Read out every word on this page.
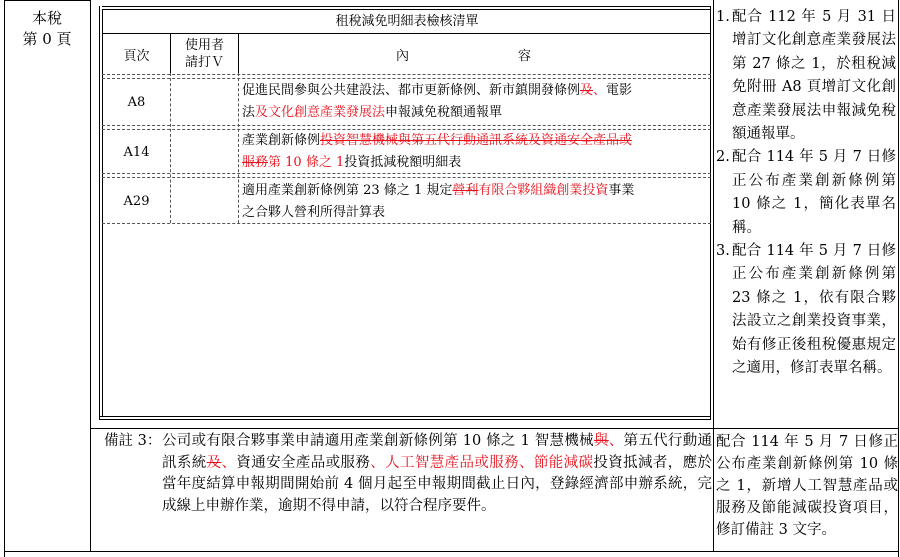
本稅
第 0 頁
租稅減免明細表檢核清單
頁次
使用者
請打Ｖ	內	容
A8
促進民間參與公共建設法、都市更新條例、新市鎮開發條例及、電影
法及文化創意產業發展法申報減免稅額通報單
A14
產業創新條例投資智慧機械與第五代行動通訊系統及資通安全產品或
服務第 10 條之 1投資抵減稅額明細表
A29
適用產業創新條例第 23 條之 1 規定營利有限合夥組織創業投資事業
之合夥人營利所得計算表
1. 配合 112 年 5 月 31 日增訂文化創意產業發展法第 27 條之 1，於租稅減免附冊 A8 頁增訂文化創意產業發展法申報減免稅額通報單。
2. 配合 114 年 5 月 7 日修正公布產業創新條例第 10 條之 1，簡化表單名稱。
3. 配合 114 年 5 月 7 日修正公布產業創新條例第 23 條之 1，依有限合夥法設立之創業投資事業，始有修正後租稅優惠規定之適用，修訂表單名稱。
備註 3： 公司或有限合夥事業申請適用產業創新條例第 10 條之 1 智慧機械與、第五代行動通訊系統及、資通安全產品或服務、人工智慧產品或服務、節能減碳投資抵減者，應於當年度結算申報期間開始前 4 個月起至申報期間截止日內，登錄經濟部申辦系統，完成線上申辦作業，逾期不得申請，以符合程序要件。
配合 114 年 5 月 7 日修正公布產業創新條例第 10 條之 1，新增人工智慧產品或服務及節能減碳投資項目，修訂備註 3 文字。
